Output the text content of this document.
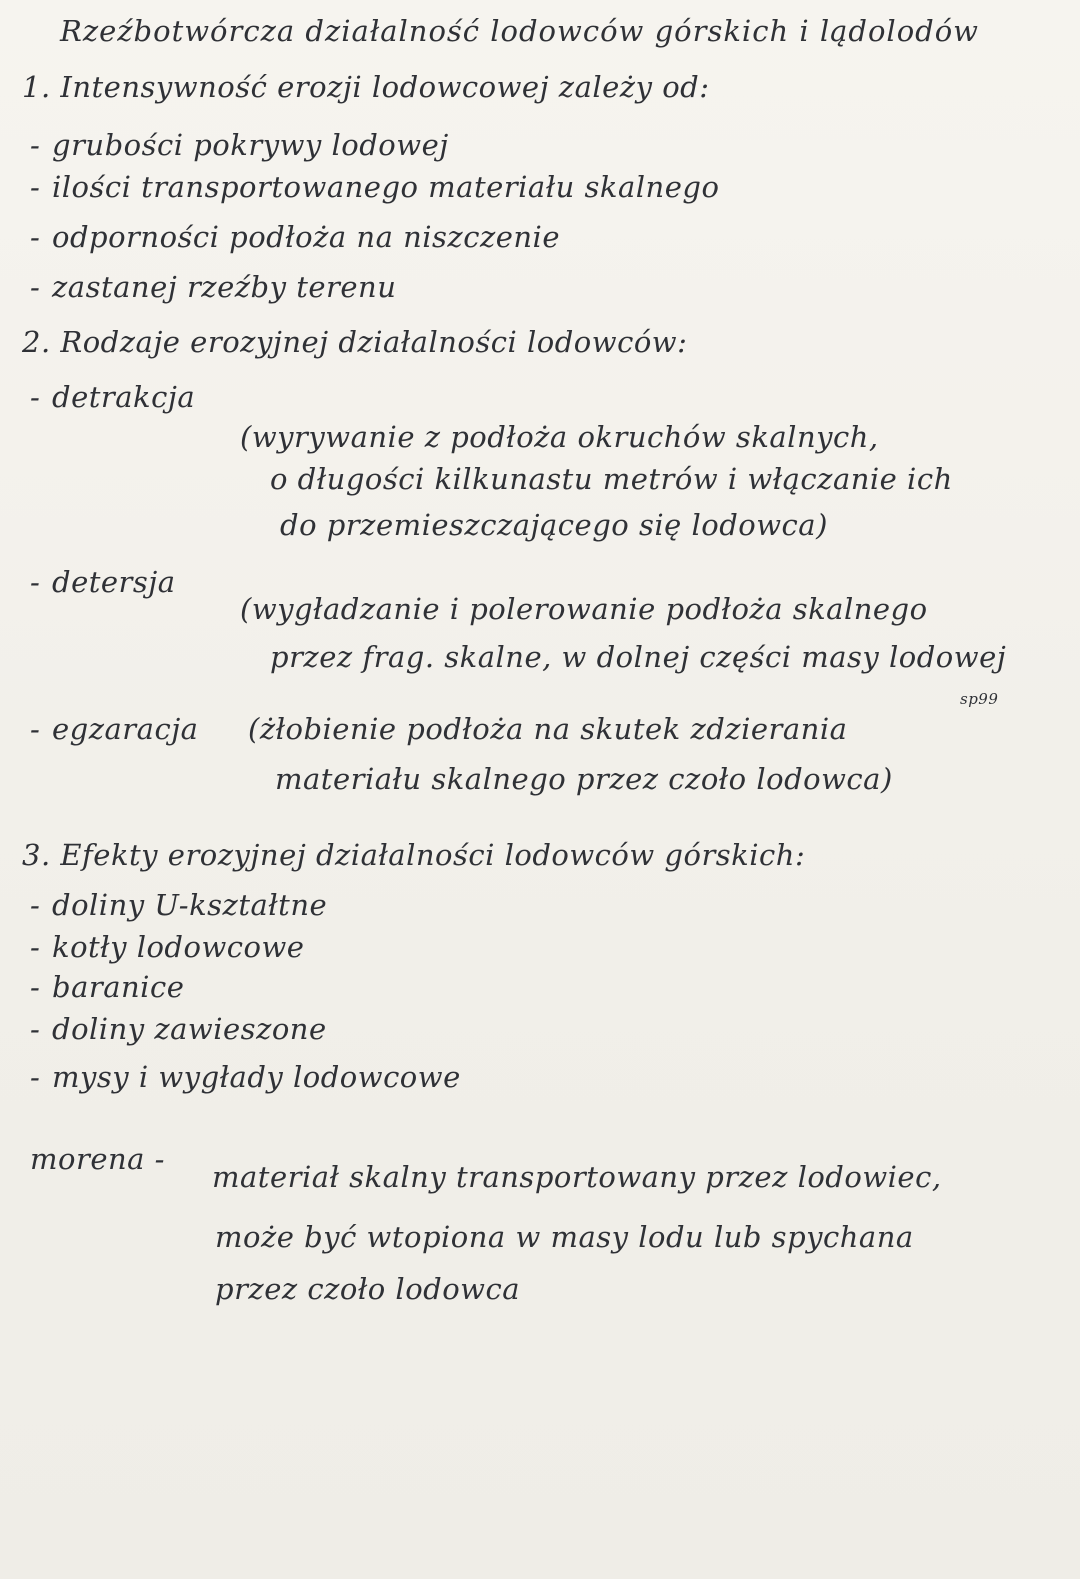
Rzeźbotwórcza działalność lodowców górskich i lądolodów
1. Intensywność erozji lodowcowej zależy od:
- grubości pokrywy lodowej
- ilości transportowanego materiału skalnego
- odporności podłoża na niszczenie
- zastanej rzeźby terenu
2. Rodzaje erozyjnej działalności lodowców:
- detrakcja
(wyrywanie z podłoża okruchów skalnych,
o długości kilkunastu metrów i włączanie ich
do przemieszczającego się lodowca)
- detersja
(wygładzanie i polerowanie podłoża skalnego
przez frag. skalne, w dolnej części masy lodowej
sp99
- egzaracja (żłobienie podłoża na skutek zdzierania
materiału skalnego przez czoło lodowca)
3. Efekty erozyjnej działalności lodowców górskich:
- doliny U-kształtne
- kotły lodowcowe
- baranice
- doliny zawieszone
- mysy i wygłady lodowcowe
morena -
materiał skalny transportowany przez lodowiec,
może być wtopiona w masy lodu lub spychana
przez czoło lodowca
